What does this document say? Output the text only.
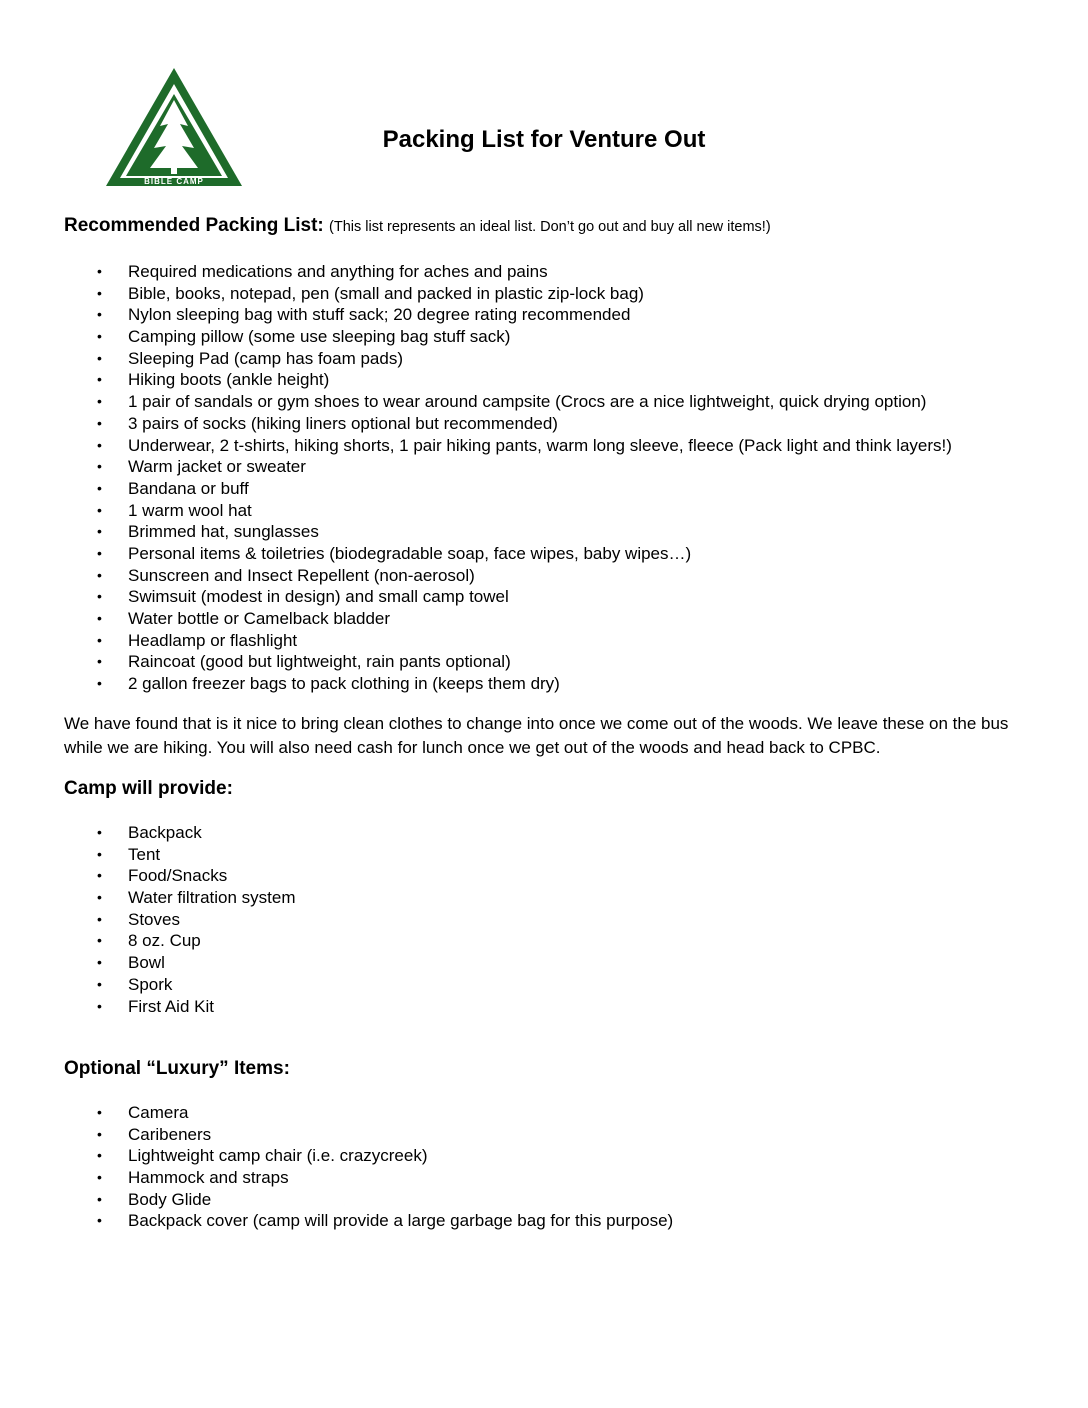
BIBLE CAMP
Packing List for Venture Out
Recommended Packing List: (This list represents an ideal list. Don’t go out and buy all new items!)
• Required medications and anything for aches and pains
• Bible, books, notepad, pen (small and packed in plastic zip-lock bag)
• Nylon sleeping bag with stuff sack; 20 degree rating recommended
• Camping pillow (some use sleeping bag stuff sack)
• Sleeping Pad (camp has foam pads)
• Hiking boots (ankle height)
• 1 pair of sandals or gym shoes to wear around campsite (Crocs are a nice lightweight, quick drying option)
• 3 pairs of socks (hiking liners optional but recommended)
• Underwear, 2 t-shirts, hiking shorts, 1 pair hiking pants, warm long sleeve, fleece (Pack light and think layers!)
• Warm jacket or sweater
• Bandana or buff
• 1 warm wool hat
• Brimmed hat, sunglasses
• Personal items & toiletries (biodegradable soap, face wipes, baby wipes…)
• Sunscreen and Insect Repellent (non-aerosol)
• Swimsuit (modest in design) and small camp towel
• Water bottle or Camelback bladder
• Headlamp or flashlight
• Raincoat (good but lightweight, rain pants optional)
• 2 gallon freezer bags to pack clothing in (keeps them dry)
We have found that is it nice to bring clean clothes to change into once we come out of the woods. We leave these on the bus while we are hiking. You will also need cash for lunch once we get out of the woods and head back to CPBC.
Camp will provide:
• Backpack
• Tent
• Food/Snacks
• Water filtration system
• Stoves
• 8 oz. Cup
• Bowl
• Spork
• First Aid Kit
Optional “Luxury” Items:
• Camera
• Caribeners
• Lightweight camp chair (i.e. crazycreek)
• Hammock and straps
• Body Glide
• Backpack cover (camp will provide a large garbage bag for this purpose)
